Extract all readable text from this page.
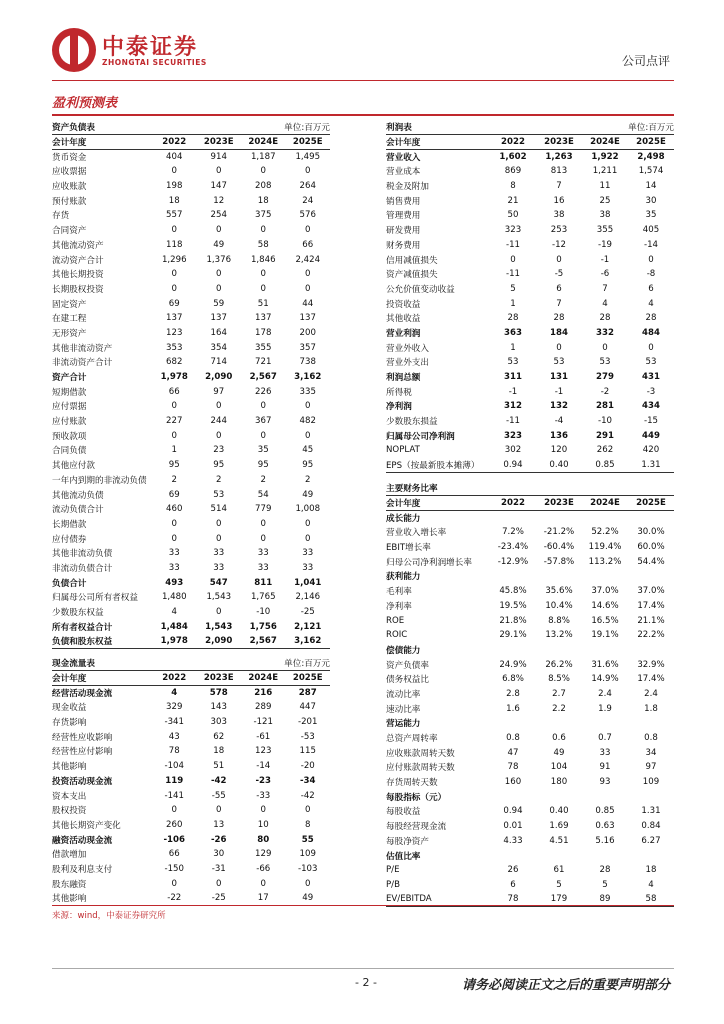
中泰证券
ZHONGTAI SECURITIES	公司点评
盈利预测表
资产负债表	单位:百万元			
会计年度	2022	2023E	2024E	2025E
货币资金	404	914	1,187	1,495
应收票据	0	0	0	0
应收账款	198	147	208	264
预付账款	18	12	18	24
存货	557	254	375	576
合同资产	0	0	0	0
其他流动资产	118	49	58	66
流动资产合计	1,296	1,376	1,846	2,424
其他长期投资	0	0	0	0
长期股权投资	0	0	0	0
固定资产	69	59	51	44
在建工程	137	137	137	137
无形资产	123	164	178	200
其他非流动资产	353	354	355	357
非流动资产合计	682	714	721	738
资产合计	1,978	2,090	2,567	3,162
短期借款	66	97	226	335
应付票据	0	0	0	0
应付账款	227	244	367	482
预收款项	0	0	0	0
合同负债	1	23	35	45
其他应付款	95	95	95	95
一年内到期的非流动负债	2	2	2	2
其他流动负债	69	53	54	49
流动负债合计	460	514	779	1,008
长期借款	0	0	0	0
应付债券	0	0	0	0
其他非流动负债	33	33	33	33
非流动负债合计	33	33	33	33
负债合计	493	547	811	1,041
归属母公司所有者权益	1,480	1,543	1,765	2,146
少数股东权益	4	0	-10	-25
所有者权益合计	1,484	1,543	1,756	2,121
负债和股东权益	1,978	2,090	2,567	3,162
利润表	单位:百万元			
会计年度	2022	2023E	2024E	2025E
营业收入	1,602	1,263	1,922	2,498
营业成本	869	813	1,211	1,574
税金及附加	8	7	11	14
销售费用	21	16	25	30
管理费用	50	38	38	35
研发费用	323	253	355	405
财务费用	-11	-12	-19	-14
信用减值损失	0	0	-1	0
资产减值损失	-11	-5	-6	-8
公允价值变动收益	5	6	7	6
投资收益	1	7	4	4
其他收益	28	28	28	28
营业利润	363	184	332	484
营业外收入	1	0	0	0
营业外支出	53	53	53	53
利润总额	311	131	279	431
所得税	-1	-1	-2	-3
净利润	312	132	281	434
少数股东损益	-11	-4	-10	-15
归属母公司净利润	323	136	291	449
NOPLAT	302	120	262	420
EPS（按最新股本摊薄）	0.94	0.40	0.85	1.31
主要财务比率				
会计年度	2022	2023E	2024E	2025E
成长能力				
营业收入增长率	7.2%	-21.2%	52.2%	30.0%
EBIT增长率	-23.4%	-60.4%	119.4%	60.0%
归母公司净利润增长率	-12.9%	-57.8%	113.2%	54.4%
获利能力				
毛利率	45.8%	35.6%	37.0%	37.0%
净利率	19.5%	10.4%	14.6%	17.4%
ROE	21.8%	8.8%	16.5%	21.1%
ROIC	29.1%	13.2%	19.1%	22.2%
偿债能力				
资产负债率	24.9%	26.2%	31.6%	32.9%
债务权益比	6.8%	8.5%	14.9%	17.4%
流动比率	2.8	2.7	2.4	2.4
速动比率	1.6	2.2	1.9	1.8
营运能力				
总资产周转率	0.8	0.6	0.7	0.8
应收账款周转天数	47	49	33	34
应付账款周转天数	78	104	91	97
存货周转天数	160	180	93	109
每股指标（元）				
每股收益	0.94	0.40	0.85	1.31
每股经营现金流	0.01	1.69	0.63	0.84
每股净资产	4.33	4.51	5.16	6.27
估值比率				
P/E	26	61	28	18
P/B	6	5	5	4
EV/EBITDA	78	179	89	58
现金流量表	单位:百万元			
会计年度	2022	2023E	2024E	2025E
经营活动现金流	4	578	216	287
现金收益	329	143	289	447
存货影响	-341	303	-121	-201
经营性应收影响	43	62	-61	-53
经营性应付影响	78	18	123	115
其他影响	-104	51	-14	-20
投资活动现金流	119	-42	-23	-34
资本支出	-141	-55	-33	-42
股权投资	0	0	0	0
其他长期资产变化	260	13	10	8
融资活动现金流	-106	-26	80	55
借款增加	66	30	129	109
股利及利息支付	-150	-31	-66	-103
股东融资	0	0	0	0
其他影响	-22	-25	17	49
来源：wind，中泰证券研究所
- 2 -	请务必阅读正文之后的重要声明部分
